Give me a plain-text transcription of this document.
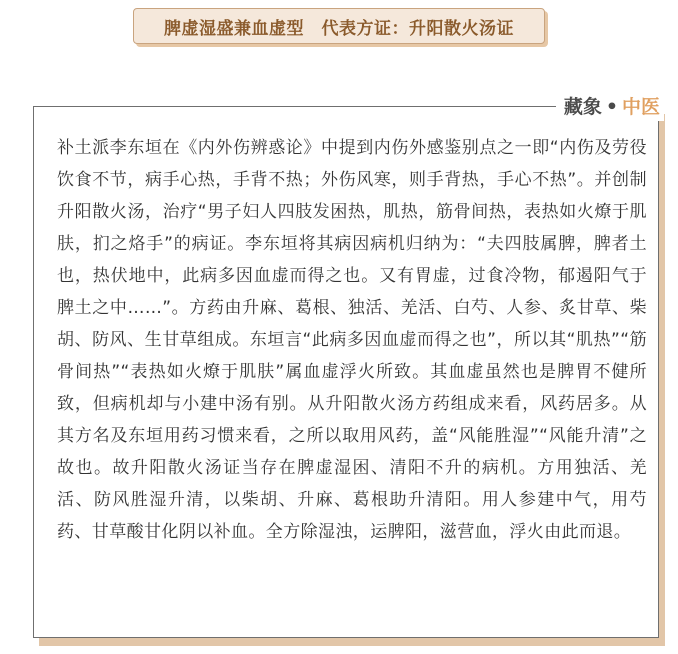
脾虚湿盛兼血虚型　代表方证：升阳散火汤证
藏象 • 中医

补土派李东垣在《内外伤辨惑论》中提到内伤外感鉴别点之一即“内伤及劳役饮食不节，病手心热，手背不热；外伤风寒，则手背热，手心不热”。并创制升阳散火汤，治疗“男子妇人四肢发困热，肌热，筋骨间热，表热如火燎于肌肤，扪之烙手”的病证。李东垣将其病因病机归纳为：“夫四肢属脾，脾者土也，热伏地中，此病多因血虚而得之也。又有胃虚，过食冷物，郁遏阳气于脾土之中……”。方药由升麻、葛根、独活、羌活、白芍、人参、炙甘草、柴胡、防风、生甘草组成。东垣言“此病多因血虚而得之也”，所以其“肌热”“筋骨间热”“表热如火燎于肌肤”属血虚浮火所致。其血虚虽然也是脾胃不健所致，但病机却与小建中汤有别。从升阳散火汤方药组成来看，风药居多。从其方名及东垣用药习惯来看，之所以取用风药，盖“风能胜湿”“风能升清”之故也。故升阳散火汤证当存在脾虚湿困、清阳不升的病机。方用独活、羌活、防风胜湿升清，以柴胡、升麻、葛根助升清阳。用人参建中气，用芍药、甘草酸甘化阴以补血。全方除湿浊，运脾阳，滋营血，浮火由此而退。
